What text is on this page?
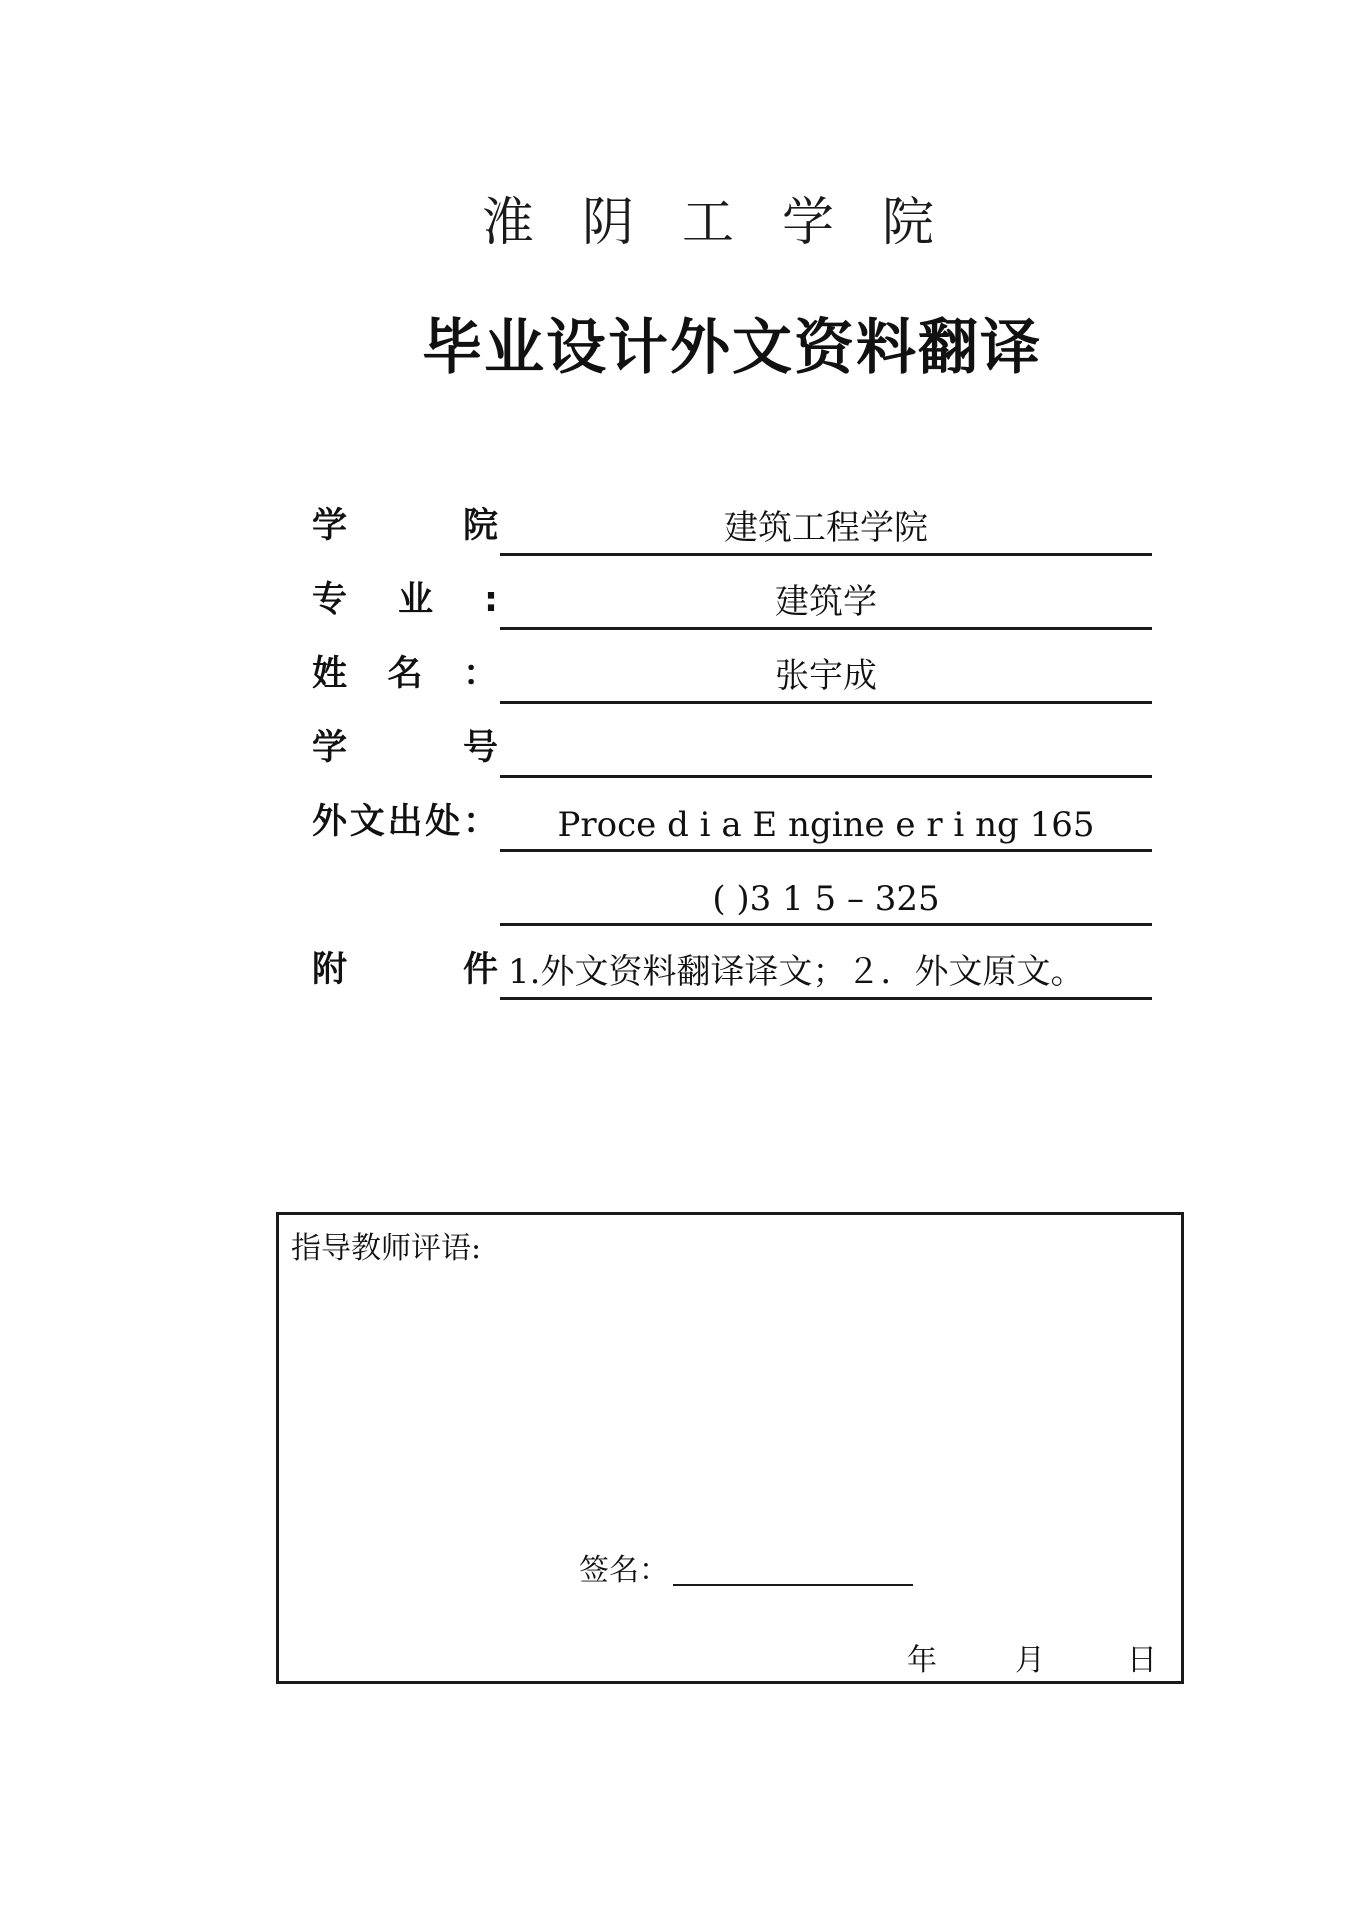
淮阴工学院
毕业设计外文资料翻译
学院	建筑工程学院
专业:	建筑学
姓名：	张宇成
学号
外文出处：	Proce d i a E ngine e r i ng 165
( )3 1 5 – 325
附件 1.外文资料翻译译文；２．外文原文。
指导教师评语:
签名：
年	月	日
